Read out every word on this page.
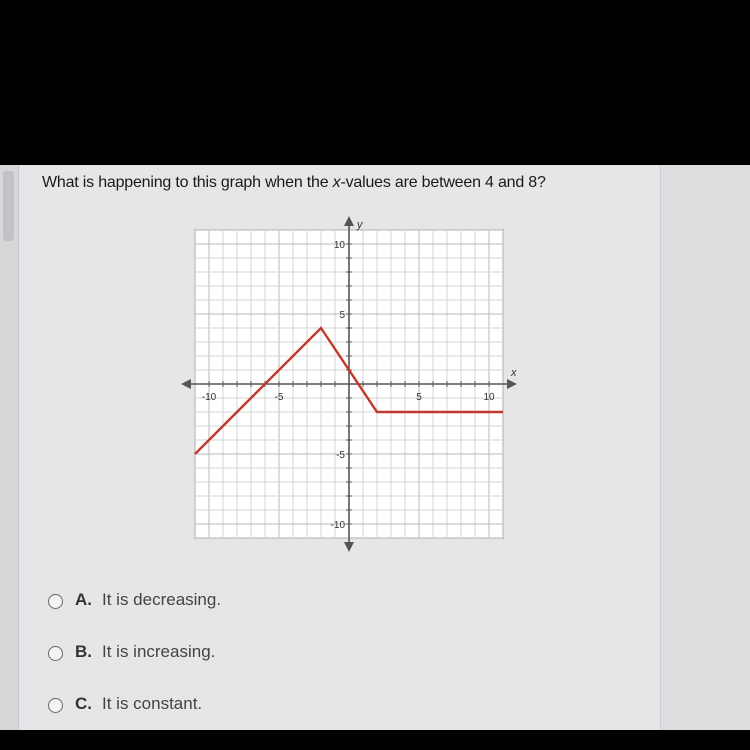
What is happening to this graph when the x-values are between 4 and 8?
-10	-5	5	10
10
5
-5
-10
x
y
A. It is decreasing.
B. It is increasing.
C. It is constant.
